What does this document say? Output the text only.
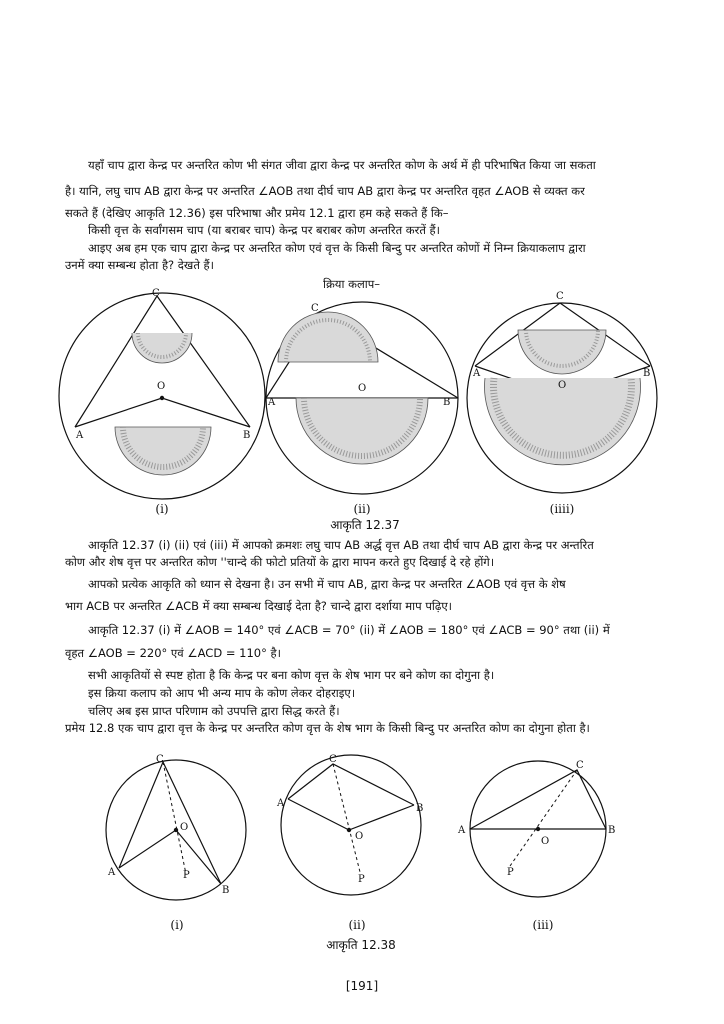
यहाँ चाप द्वारा केन्द्र पर अन्तरित कोण भी संगत जीवा द्वारा केन्द्र पर अन्तरित कोण के अर्थ में ही परिभाषित किया जा सकता
है। यानि, लघु चाप AB द्वारा केन्द्र पर अन्तरित ∠AOB तथा दीर्घ चाप AB द्वारा केन्द्र पर अन्तरित वृहत ∠AOB से व्यक्त कर
सकते हैं (देखिए आकृति 12.36) इस परिभाषा और प्रमेय 12.1 द्वारा हम कहे सकते हैं कि–
किसी वृत्त के सर्वांगसम चाप (या बराबर चाप) केन्द्र पर बराबर कोण अन्तरित करतें हैं।
आइए अब हम एक चाप द्वारा केन्द्र पर अन्तरित कोण एवं वृत्त के किसी बिन्दु पर अन्तरित कोणों में निम्न क्रियाकलाप द्वारा
उनमें क्या सम्बन्ध होता है? देखते हैं।
क्रिया कलाप–
C
O
A	B
C
O
A	B
C
O
A	B
C
O
A
B
P
C
O
A	B
P
C
O
A	B
P
(i)	(ii)	(iiii)
आकृति 12.37
आकृति 12.37 (i) (ii) एवं (iii) में आपको क्रमशः लघु चाप AB अर्द्ध वृत्त AB तथा दीर्घ चाप AB द्वारा केन्द्र पर अन्तरित
कोण और शेष वृत्त पर अन्तरित कोण ''चान्दे की फोटो प्रतियों के द्वारा मापन करते हुए दिखाई दे रहे होंगे।
आपको प्रत्येक आकृति को ध्यान से देखना है। उन सभी में चाप AB, द्वारा केन्द्र पर अन्तरित ∠AOB एवं वृत्त के शेष
भाग ACB पर अन्तरित ∠ACB में क्या सम्बन्ध दिखाई देता है? चान्दे द्वारा दर्शाया माप पढ़िए।
आकृति 12.37 (i) में ∠AOB = 140° एवं ∠ACB = 70° (ii) में ∠AOB = 180° एवं ∠ACB = 90° तथा (ii) में
वृहत ∠AOB = 220° एवं ∠ACD = 110° है।
सभी आकृतियों से स्पष्ट होता है कि केन्द्र पर बना कोण वृत्त के शेष भाग पर बने कोण का दोगुना है।
इस क्रिया कलाप को आप भी अन्य माप के कोण लेकर दोहराइए।
चलिए अब इस प्राप्त परिणाम को उपपत्ति द्वारा सिद्ध करते हैं।
प्रमेय 12.8 एक चाप द्वारा वृत्त के केन्द्र पर अन्तरित कोण वृत्त के शेष भाग के किसी बिन्दु पर अन्तरित कोण का दोगुना होता है।
(i)	(ii)	(iii)
आकृति 12.38
[191]
